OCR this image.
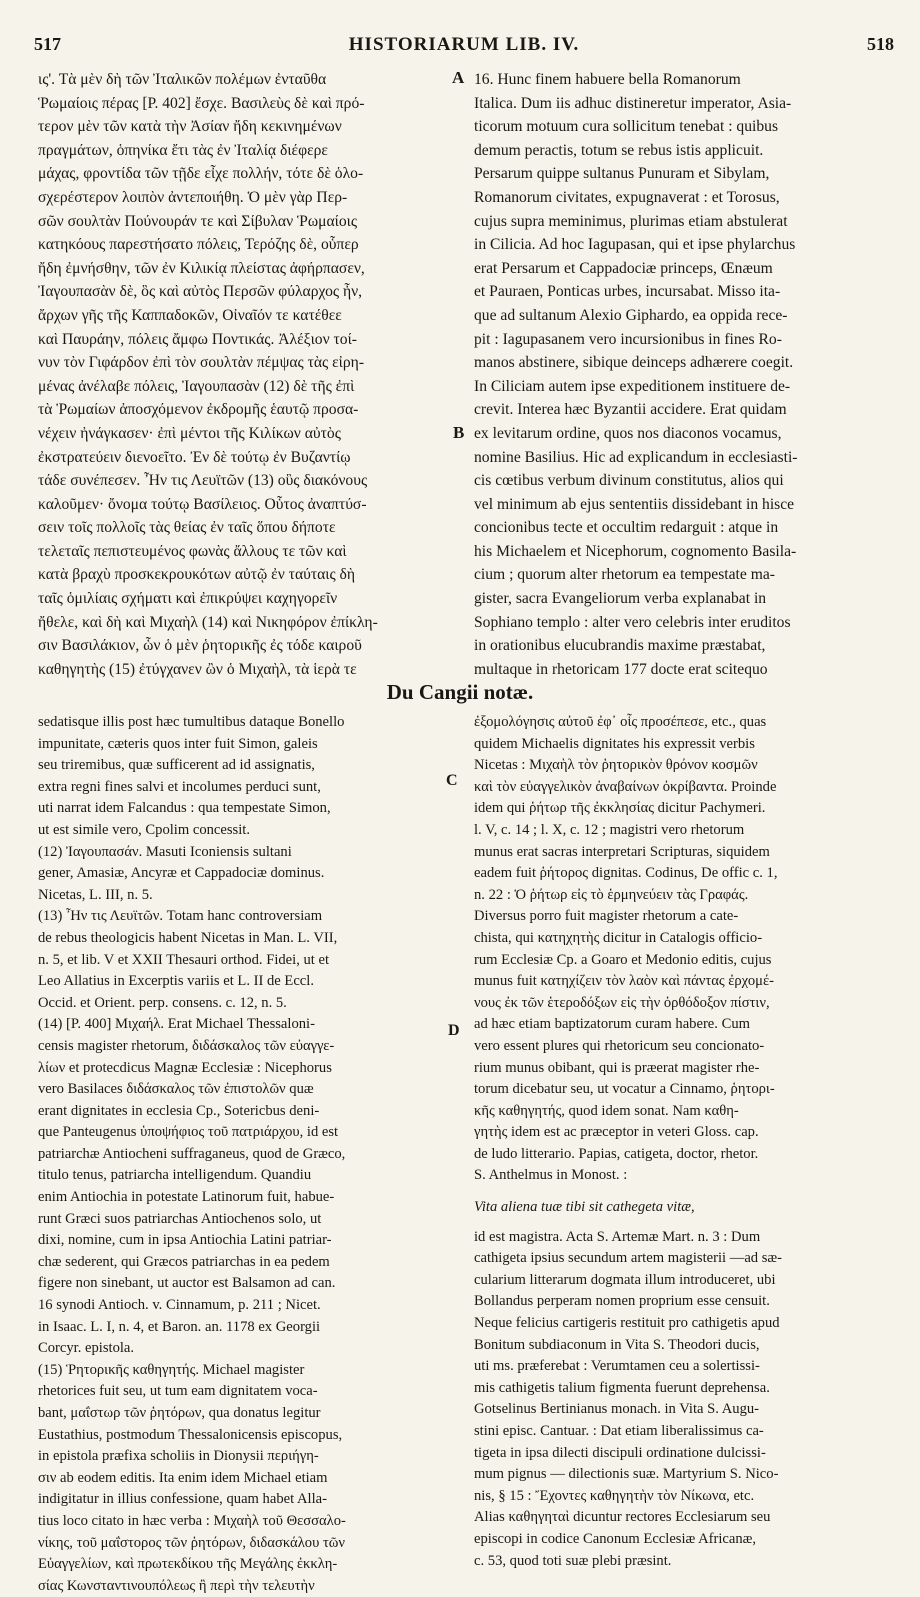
517	HISTORIARUM LIB. IV.	518
ις'. Τὰ μὲν δὴ τῶν Ἰταλικῶν πολέμων ἐνταῦθα
Ῥωμαίοις πέρας [P. 402] ἔσχε. Βασιλεὺς δὲ καὶ πρό-
τερον μὲν τῶν κατὰ τὴν Ἀσίαν ἤδη κεκινημένων
πραγμάτων, ὁπηνίκα ἔτι τὰς ἐν Ἰταλίᾳ διέφερε
μάχας, φροντίδα τῶν τῇδε εἶχε πολλήν, τότε δὲ ὁλο-
σχερέστερον λοιπὸν ἀντεποιήθη. Ὁ μὲν γὰρ Περ-
σῶν σουλτὰν Πούνουράν τε καὶ Σίβυλαν Ῥωμαίοις
κατηκόους παρεστήσατο πόλεις, Τερόζης δὲ, οὗπερ
ἤδη ἐμνήσθην, τῶν ἐν Κιλικίᾳ πλείστας ἀφήρπασεν,
Ἰαγουπασὰν δὲ, ὃς καὶ αὐτὸς Περσῶν φύλαρχος ἦν,
ἄρχων γῆς τῆς Καππαδοκῶν, Οἰναῖόν τε κατέθεε
καὶ Παυράην, πόλεις ἄμφω Ποντικάς. Ἀλέξιον τοί-
νυν τὸν Γιφάρδον ἐπὶ τὸν σουλτὰν πέμψας τὰς εἰρη-
μένας ἀνέλαβε πόλεις, Ἰαγουπασὰν (12) δὲ τῆς ἐπὶ
τὰ Ῥωμαίων ἀποσχόμενον ἐκδρομῆς ἑαυτῷ προσα-
νέχειν ἠνάγκασεν· ἐπὶ μέντοι τῆς Κιλίκων αὐτὸς
ἐκστρατεύειν διενοεῖτο. Ἐν δὲ τούτῳ ἐν Βυζαντίῳ
τάδε συνέπεσεν. Ἦν τις Λευϊτῶν (13) οὓς διακόνους
καλοῦμεν· ὄνομα τούτῳ Βασίλειος. Οὗτος ἀναπτύσ-
σειν τοῖς πολλοῖς τὰς θείας ἐν ταῖς ὅπου δήποτε
τελεταῖς πεπιστευμένος φωνὰς ἄλλους τε τῶν καὶ
κατὰ βραχὺ προσκεκρουκότων αὐτῷ ἐν ταύταις δὴ
ταῖς ὁμιλίαις σχήματι καὶ ἐπικρύψει καχηγορεῖν
ἤθελε, καὶ δὴ καὶ Μιχαὴλ (14) καὶ Νικηφόρον ἐπίκλη-
σιν Βασιλάκιον, ὧν ὁ μὲν ῥητορικῆς ἐς τόδε καιροῦ
καθηγητὴς (15) ἐτύγχανεν ὢν ὁ Μιχαὴλ, τὰ ἱερὰ τε
16. Hunc finem habuere bella Romanorum
Italica. Dum iis adhuc distineretur imperator, Asia-
ticorum motuum cura sollicitum tenebat : quibus
demum peractis, totum se rebus istis applicuit.
Persarum quippe sultanus Punuram et Sibylam,
Romanorum civitates, expugnaverat : et Torosus,
cujus supra meminimus, plurimas etiam abstulerat
in Cilicia. Ad hoc Iagupasan, qui et ipse phylarchus
erat Persarum et Cappadociæ princeps, Œnæum
et Pauraen, Ponticas urbes, incursabat. Misso ita-
que ad sultanum Alexio Giphardo, ea oppida rece-
pit : Iagupasanem vero incursionibus in fines Ro-
manos abstinere, sibique deinceps adhærere coegit.
In Ciliciam autem ipse expeditionem instituere de-
crevit. Interea hæc Byzantii accidere. Erat quidam
ex levitarum ordine, quos nos diaconos vocamus,
nomine Basilius. Hic ad explicandum in ecclesiasti-
cis cœtibus verbum divinum constitutus, alios qui
vel minimum ab ejus sententiis dissidebant in hisce
concionibus tecte et occultim redarguit : atque in
his Michaelem et Nicephorum, cognomento Basila-
cium ; quorum alter rhetorum ea tempestate ma-
gister, sacra Evangeliorum verba explanabat in
Sophiano templo : alter vero celebris inter eruditos
in orationibus elucubrandis maxime præstabat,
multaque in rhetoricam 177 docte erat scitequo
A
B
C
D
Du Cangii notæ.
sedatisque illis post hæc tumultibus dataque Bonello
impunitate, cæteris quos inter fuit Simon, galeis
seu triremibus, quæ sufficerent ad id assignatis,
extra regni fines salvi et incolumes perduci sunt,
uti narrat idem Falcandus : qua tempestate Simon,
ut est simile vero, Cpolim concessit.
(12) Ἰαγουπασάν. Masuti Iconiensis sultani
gener, Amasiæ, Ancyræ et Cappadociæ dominus.
Nicetas, L. III, n. 5.
(13) Ἦν τις Λευϊτῶν. Totam hanc controversiam
de rebus theologicis habent Nicetas in Man. L. VII,
n. 5, et lib. V et XXII Thesauri orthod. Fidei, ut et
Leo Allatius in Excerptis variis et L. II de Eccl.
Occid. et Orient. perp. consens. c. 12, n. 5.
(14) [P. 400] Μιχαήλ. Erat Michael Thessaloni-
censis magister rhetorum, διδάσκαλος τῶν εὐαγγε-
λίων et protecdicus Magnæ Ecclesiæ : Nicephorus
vero Basilaces διδάσκαλος τῶν ἐπιστολῶν quæ
erant dignitates in ecclesia Cp., Sotericbus deni-
que Panteugenus ὑποψήφιος τοῦ πατριάρχου, id est
patriarchæ Antiocheni suffraganeus, quod de Græco,
titulo tenus, patriarcha intelligendum. Quandiu
enim Antiochia in potestate Latinorum fuit, habue-
runt Græci suos patriarchas Antiochenos solo, ut
dixi, nomine, cum in ipsa Antiochia Latini patriar-
chæ sederent, qui Græcos patriarchas in ea pedem
figere non sinebant, ut auctor est Balsamon ad can.
16 synodi Antioch. v. Cinnamum, p. 211 ; Nicet.
in Isaac. L. I, n. 4, et Baron. an. 1178 ex Georgii
Corcyr. epistola.
(15) Ῥητορικῆς καθηγητής. Michael magister
rhetorices fuit seu, ut tum eam dignitatem voca-
bant, μαΐστωρ τῶν ῥητόρων, qua donatus legitur
Eustathius, postmodum Thessalonicensis episcopus,
in epistola præfixa scholiis in Dionysii περιήγη-
σιν ab eodem editis. Ita enim idem Michael etiam
indigitatur in illius confessione, quam habet Alla-
tius loco citato in hæc verba : Μιχαὴλ τοῦ Θεσσαλο-
νίκης, τοῦ μαΐστορος τῶν ῥητόρων, διδασκάλου τῶν
Εὐαγγελίων, καὶ πρωτεκδίκου τῆς Μεγάλης ἐκκλη-
σίας Κωνσταντινουπόλεως ἢ περὶ τὴν τελευτὴν
ἐξομολόγησις αὐτοῦ ἐφ᾽ οἷς προσέπεσε, etc., quas
quidem Michaelis dignitates his expressit verbis
Nicetas : Μιχαὴλ τὸν ῥητορικὸν θρόνον κοσμῶν
καὶ τὸν εὐαγγελικὸν ἀναβαίνων ὀκρίβαντα. Proinde
idem qui ῥήτωρ τῆς ἐκκλησίας dicitur Pachymeri.
l. V, c. 14 ; l. X, c. 12 ; magistri vero rhetorum
munus erat sacras interpretari Scripturas, siquidem
eadem fuit ῥήτορος dignitas. Codinus, De offic c. 1,
n. 22 : Ὁ ῥήτωρ εἰς τὸ ἑρμηνεύειν τὰς Γραφάς.
Diversus porro fuit magister rhetorum a cate-
chista, qui κατηχητὴς dicitur in Catalogis officio-
rum Ecclesiæ Cp. a Goaro et Medonio editis, cujus
munus fuit κατηχίζειν τὸν λαὸν καὶ πάντας ἐρχομέ-
νους ἐκ τῶν ἑτεροδόξων εἰς τὴν ὀρθόδοξον πίστιν,
ad hæc etiam baptizatorum curam habere. Cum
vero essent plures qui rhetoricum seu concionato-
rium munus obibant, qui is præerat magister rhe-
torum dicebatur seu, ut vocatur a Cinnamo, ῥητορι-
κῆς καθηγητής, quod idem sonat. Nam καθη-
γητὴς idem est ac præceptor in veteri Gloss. cap.
de ludo litterario. Papias, catigeta, doctor, rhetor.
S. Anthelmus in Monost. :
Vita aliena tuæ tibi sit cathegeta vitæ,
id est magistra. Acta S. Artemæ Mart. n. 3 : Dum
cathigeta ipsius secundum artem magisterii —ad sæ-
cularium litterarum dogmata illum introduceret, ubi
Bollandus perperam nomen proprium esse censuit.
Neque felicius cartigeris restituit pro cathigetis apud
Bonitum subdiaconum in Vita S. Theodori ducis,
uti ms. præferebat : Verumtamen ceu a solertissi-
mis cathigetis talium figmenta fuerunt deprehensa.
Gotselinus Bertinianus monach. in Vita S. Augu-
stini episc. Cantuar. : Dat etiam liberalissimus ca-
tigeta in ipsa dilecti discipuli ordinatione dulcissi-
mum pignus — dilectionis suæ. Martyrium S. Nico-
nis, § 15 : Ἔχοντες καθηγητὴν τὸν Νίκωνα, etc.
Alias καθηγηταὶ dicuntur rectores Ecclesiarum seu
episcopi in codice Canonum Ecclesiæ Africanæ,
c. 53, quod toti suæ plebi præsint.
